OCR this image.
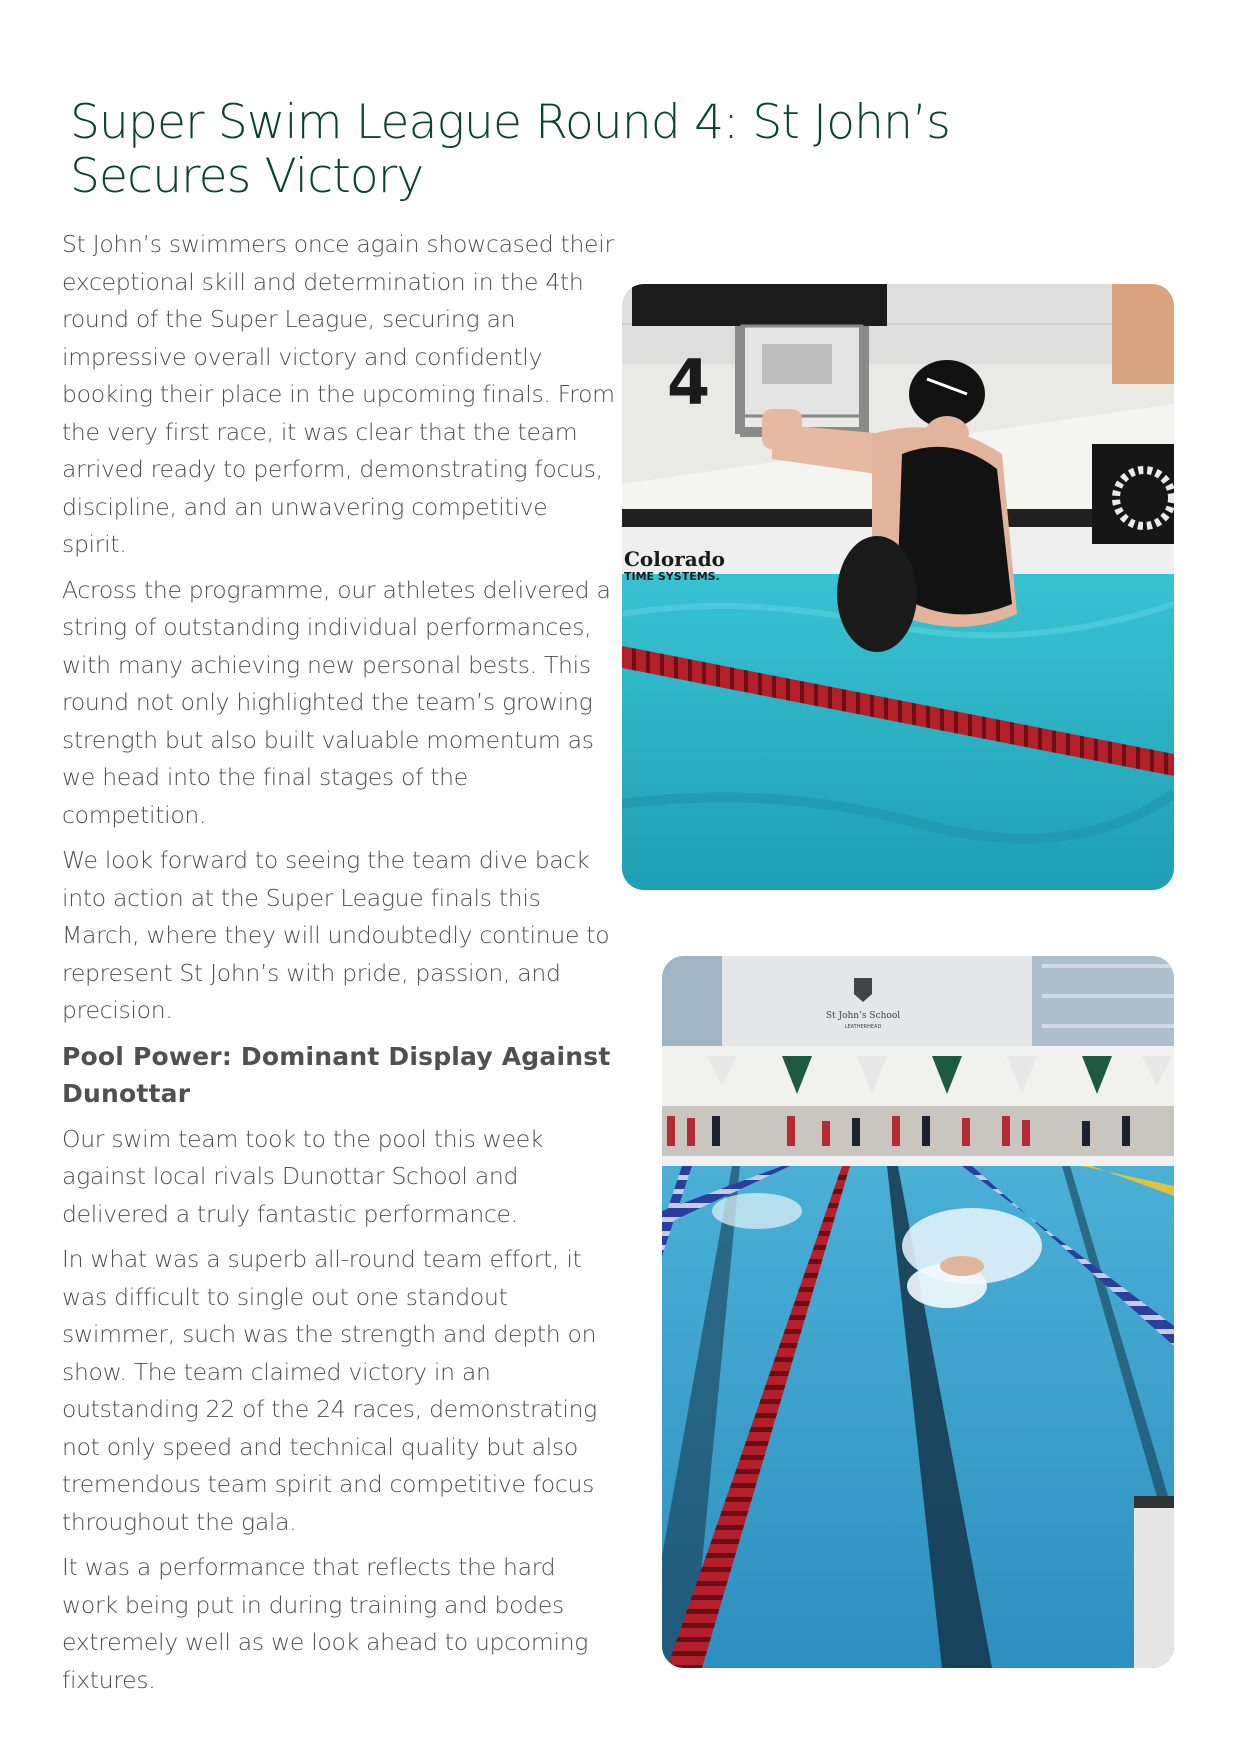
Super Swim League Round 4: St John’s Secures Victory

St John’s swimmers once again showcased their exceptional skill and determination in the 4th round of the Super League, securing an impressive overall victory and confidently booking their place in the upcoming finals. From the very first race, it was clear that the team arrived ready to perform, demonstrating focus, discipline, and an unwavering competitive spirit.

Across the programme, our athletes delivered a string of outstanding individual performances, with many achieving new personal bests. This round not only highlighted the team’s growing strength but also built valuable momentum as we head into the final stages of the competition.

We look forward to seeing the team dive back into action at the Super League finals this March, where they will undoubtedly continue to represent St John’s with pride, passion, and precision.

Pool Power: Dominant Display Against Dunottar

Our swim team took to the pool this week against local rivals Dunottar School and delivered a truly fantastic performance.

In what was a superb all-round team effort, it was difficult to single out one standout swimmer, such was the strength and depth on show. The team claimed victory in an outstanding 22 of the 24 races, demonstrating not only speed and technical quality but also tremendous team spirit and competitive focus throughout the gala.

It was a performance that reflects the hard work being put in during training and bodes extremely well as we look ahead to upcoming fixtures.

4
Colorado
TIME SYSTEMS.
St John’s School
LEATHERHEAD
